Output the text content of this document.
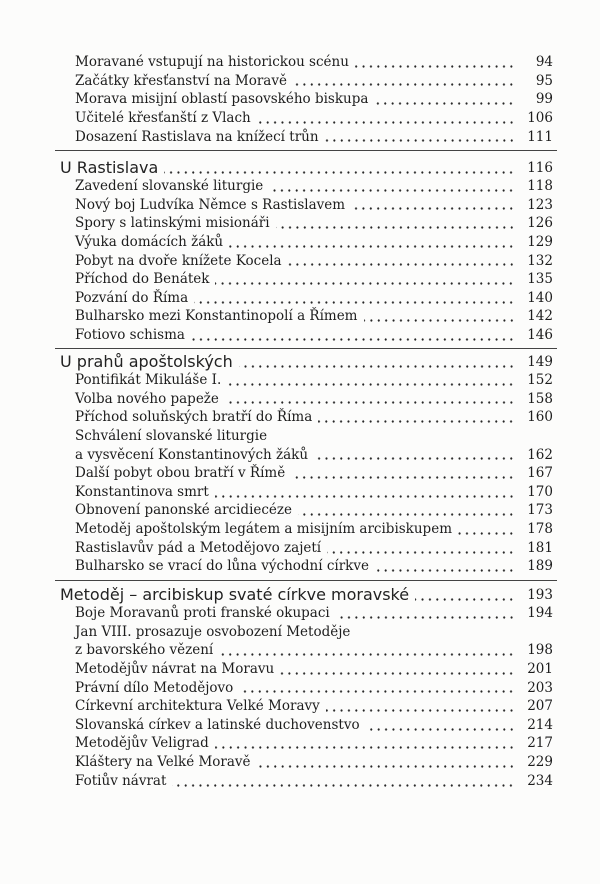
Moravané vstupují na historickou scénu	94
Začátky křesťanství na Moravě	95
Morava misijní oblastí pasovského biskupa	99
Učitelé křesťanští z Vlach	106
Dosazení Rastislava na knížecí trůn	111
U Rastislava	116
Zavedení slovanské liturgie	118
Nový boj Ludvíka Němce s Rastislavem	123
Spory s latinskými misionáři	126
Výuka domácích žáků	129
Pobyt na dvoře knížete Kocela	132
Příchod do Benátek	135
Pozvání do Říma	140
Bulharsko mezi Konstantinopolí a Římem	142
Fotiovo schisma	146
U prahů apoštolských	149
Pontifikát Mikuláše I.	152
Volba nového papeže	158
Příchod soluňských bratří do Říma	160
Schválení slovanské liturgie
a vysvěcení Konstantinových žáků	162
Další pobyt obou bratří v Římě	167
Konstantinova smrt	170
Obnovení panonské arcidiecéze	173
Metoděj apoštolským legátem a misijním arcibiskupem	178
Rastislavův pád a Metodějovo zajetí	181
Bulharsko se vrací do lůna východní církve	189
Metoděj – arcibiskup svaté církve moravské	193
Boje Moravanů proti franské okupaci	194
Jan VIII. prosazuje osvobození Metoděje
z bavorského vězení	198
Metodějův návrat na Moravu	201
Právní dílo Metodějovo	203
Církevní architektura Velké Moravy	207
Slovanská církev a latinské duchovenstvo	214
Metodějův Veligrad	217
Kláštery na Velké Moravě	229
Fotiův návrat	234
